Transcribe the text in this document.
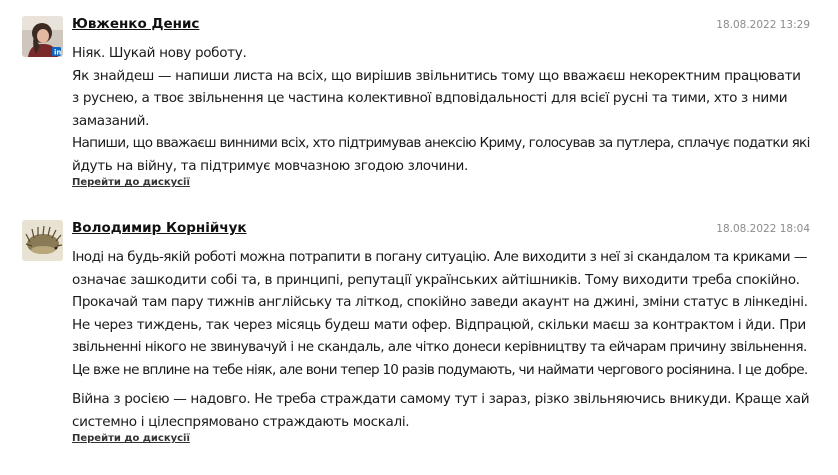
in
Ювженко Денис	18.08.2022 13:29
Ніяк. Шукай нову роботу.
Як знайдеш — напиши листа на всіх, що вирішив звільнитись тому що вважаєш некоректним працювати
з руснею, а твоє звільнення це частина колективної вдповідальності для всієї русні та тими, хто з ними
замазаний.
Напиши, що вважаєш винними всіх, хто підтримував анексію Криму, голосував за путлера, сплачує податки які
йдуть на війну, та підтримує мовчазною згодою злочини.
Перейти до дискусії
Володимир Корнійчук	18.08.2022 18:04
Іноді на будь-якій роботі можна потрапити в погану ситуацію. Але виходити з неї зі скандалом та криками —
означає зашкодити собі та, в принципі, репутації українських айтішників. Тому виходити треба спокійно.
Прокачай там пару тижнів англійську та літкод, спокійно заведи акаунт на джині, зміни статус в лінкедіні.
Не через тиждень, так через місяць будеш мати офер. Відпрацюй, скільки маєш за контрактом і йди. При
звільненні нікого не звинувачуй і не скандаль, але чітко донеси керівництву та ейчарам причину звільнення.
Це вже не вплине на тебе ніяк, але вони тепер 10 разів подумають, чи наймати чергового росіянина. І це добре.
Війна з росією — надовго. Не треба страждати самому тут і зараз, різко звільняючись вникуди. Краще хай
системно і цілеспрямовано страждають москалі.
Перейти до дискусії
